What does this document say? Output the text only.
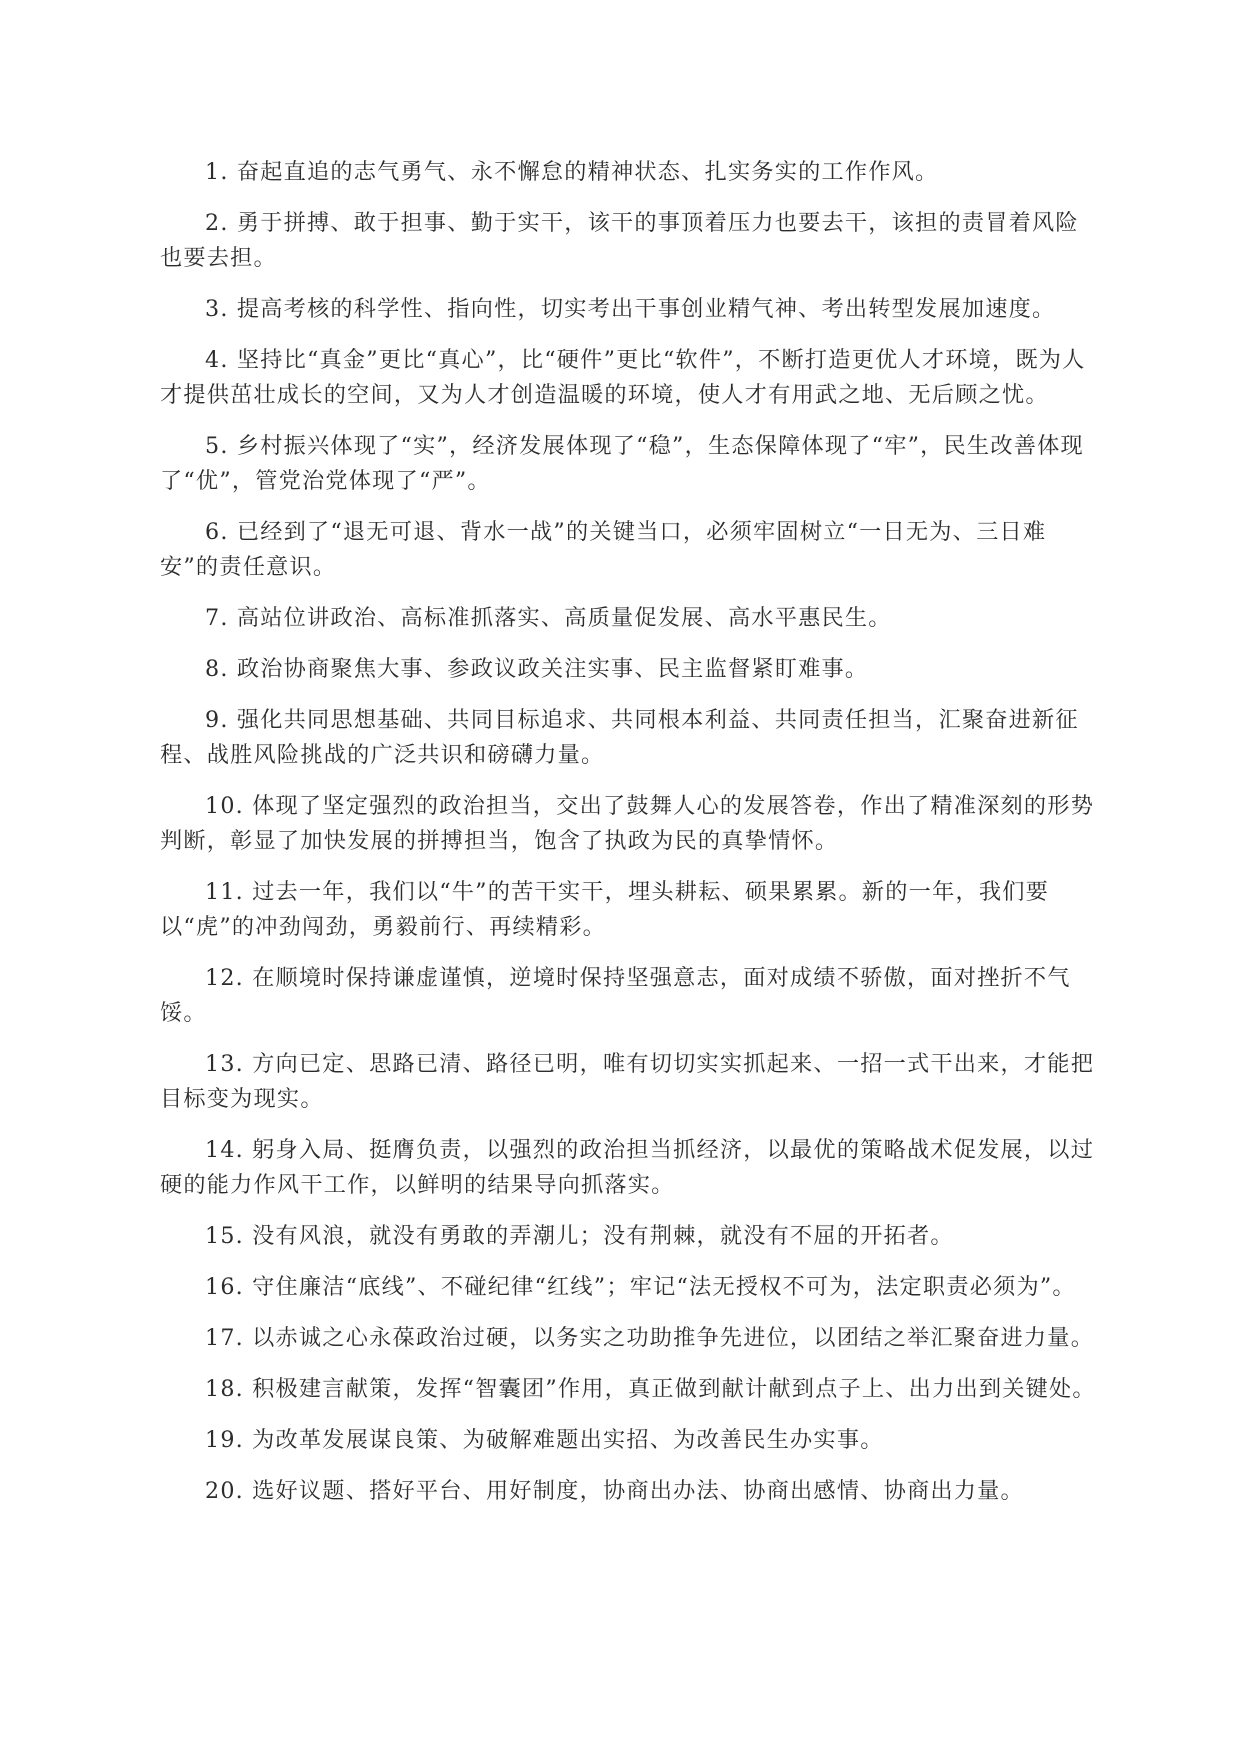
1. 奋起直追的志气勇气、永不懈怠的精神状态、扎实务实的工作作风。

2. 勇于拼搏、敢于担事、勤于实干，该干的事顶着压力也要去干，该担的责冒着风险也要去担。

3. 提高考核的科学性、指向性，切实考出干事创业精气神、考出转型发展加速度。

4. 坚持比“真金”更比“真心”，比“硬件”更比“软件”，不断打造更优人才环境，既为人才提供茁壮成长的空间，又为人才创造温暖的环境，使人才有用武之地、无后顾之忧。

5. 乡村振兴体现了“实”，经济发展体现了“稳”，生态保障体现了“牢”，民生改善体现了“优”，管党治党体现了“严”。

6. 已经到了“退无可退、背水一战”的关键当口，必须牢固树立“一日无为、三日难安”的责任意识。

7. 高站位讲政治、高标准抓落实、高质量促发展、高水平惠民生。

8. 政治协商聚焦大事、参政议政关注实事、民主监督紧盯难事。

9. 强化共同思想基础、共同目标追求、共同根本利益、共同责任担当，汇聚奋进新征程、战胜风险挑战的广泛共识和磅礴力量。

10. 体现了坚定强烈的政治担当，交出了鼓舞人心的发展答卷，作出了精准深刻的形势判断，彰显了加快发展的拼搏担当，饱含了执政为民的真挚情怀。

11. 过去一年，我们以“牛”的苦干实干，埋头耕耘、硕果累累。新的一年，我们要以“虎”的冲劲闯劲，勇毅前行、再续精彩。

12. 在顺境时保持谦虚谨慎，逆境时保持坚强意志，面对成绩不骄傲，面对挫折不气馁。

13. 方向已定、思路已清、路径已明，唯有切切实实抓起来、一招一式干出来，才能把目标变为现实。

14. 躬身入局、挺膺负责，以强烈的政治担当抓经济，以最优的策略战术促发展，以过硬的能力作风干工作，以鲜明的结果导向抓落实。

15. 没有风浪，就没有勇敢的弄潮儿；没有荆棘，就没有不屈的开拓者。

16. 守住廉洁“底线”、不碰纪律“红线”；牢记“法无授权不可为，法定职责必须为”。

17. 以赤诚之心永葆政治过硬，以务实之功助推争先进位，以团结之举汇聚奋进力量。

18. 积极建言献策，发挥“智囊团”作用，真正做到献计献到点子上、出力出到关键处。

19. 为改革发展谋良策、为破解难题出实招、为改善民生办实事。

20. 选好议题、搭好平台、用好制度，协商出办法、协商出感情、协商出力量。
